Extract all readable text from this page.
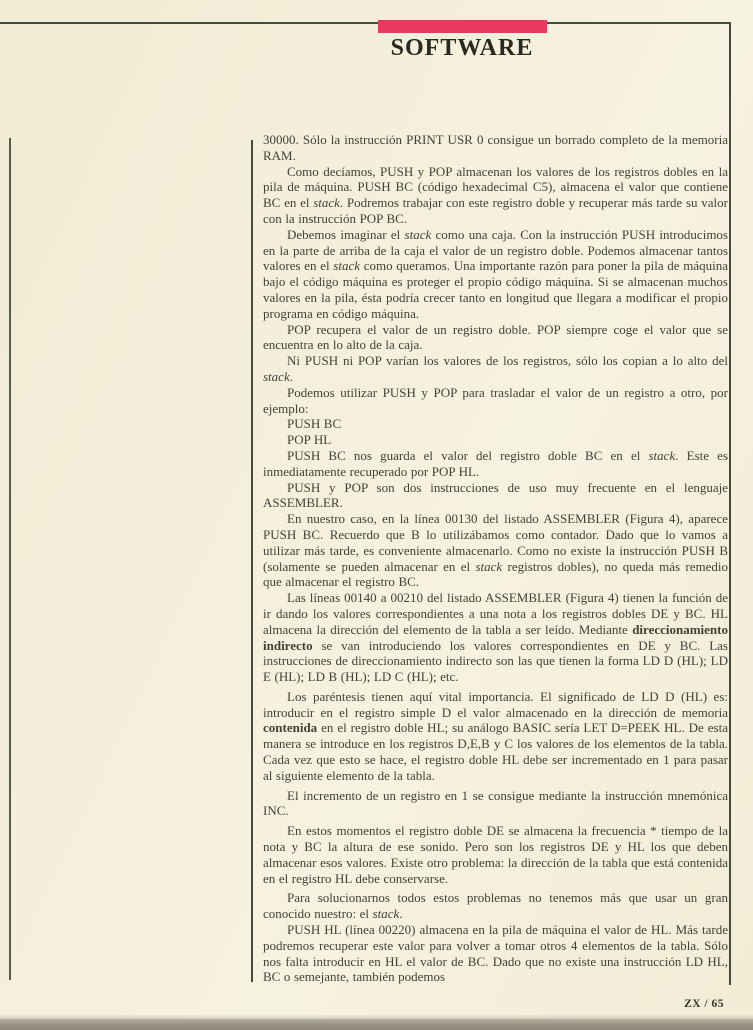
SOFTWARE

30000. Sólo la instrucción PRINT USR 0 consigue un borrado completo de la memoria RAM.

Como decíamos, PUSH y POP almacenan los valores de los registros dobles en la pila de máquina. PUSH BC (código hexadecimal C5), almacena el valor que contiene BC en el stack. Podremos trabajar con este registro doble y recuperar más tarde su valor con la instrucción POP BC.

Debemos imaginar el stack como una caja. Con la instrucción PUSH introducimos en la parte de arriba de la caja el valor de un registro doble. Podemos almacenar tantos valores en el stack como queramos. Una importante razón para poner la pila de máquina bajo el código máquina es proteger el propio código máquina. Si se almacenan muchos valores en la pila, ésta podría crecer tanto en longitud que llegara a modificar el propio programa en código máquina.

POP recupera el valor de un registro doble. POP siempre coge el valor que se encuentra en lo alto de la caja.

Ni PUSH ni POP varían los valores de los registros, sólo los copian a lo alto del stack.

Podemos utilizar PUSH y POP para trasladar el valor de un registro a otro, por ejemplo:

PUSH BC

POP HL

PUSH BC nos guarda el valor del registro doble BC en el stack. Este es inmediatamente recuperado por POP HL.

PUSH y POP son dos instrucciones de uso muy frecuente en el lenguaje ASSEMBLER.

En nuestro caso, en la línea 00130 del listado ASSEMBLER (Figura 4), aparece PUSH BC. Recuerdo que B lo utilizábamos como contador. Dado que lo vamos a utilizar más tarde, es conveniente almacenarlo. Como no existe la instrucción PUSH B (solamente se pueden almacenar en el stack registros dobles), no queda más remedio que almacenar el registro BC.

Las líneas 00140 a 00210 del listado ASSEMBLER (Figura 4) tienen la función de ir dando los valores correspondientes a una nota a los registros dobles DE y BC. HL almacena la dirección del elemento de la tabla a ser leído. Mediante direccionamiento indirecto se van introduciendo los valores correspondientes en DE y BC. Las instrucciones de direccionamiento indirecto son las que tienen la forma LD D (HL); LD E (HL); LD B (HL); LD C (HL); etc.

Los paréntesis tienen aquí vital importancia. El significado de LD D (HL) es: introducir en el registro simple D el valor almacenado en la dirección de memoria contenida en el registro doble HL; su análogo BASIC sería LET D=PEEK HL. De esta manera se introduce en los registros D,E,B y C los valores de los elementos de la tabla. Cada vez que esto se hace, el registro doble HL debe ser incrementado en 1 para pasar al siguiente elemento de la tabla.

El incremento de un registro en 1 se consigue mediante la instrucción mnemónica INC.

En estos momentos el registro doble DE se almacena la frecuencia * tiempo de la nota y BC la altura de ese sonido. Pero son los registros DE y HL los que deben almacenar esos valores. Existe otro problema: la dirección de la tabla que está contenida en el registro HL debe conservarse.

Para solucionarnos todos estos problemas no tenemos más que usar un gran conocido nuestro: el stack.

PUSH HL (línea 00220) almacena en la pila de máquina el valor de HL. Más tarde podremos recuperar este valor para volver a tomar otros 4 elementos de la tabla. Sólo nos falta introducir en HL el valor de BC. Dado que no existe una instrucción LD HL, BC o semejante, también podemos

ZX / 65
